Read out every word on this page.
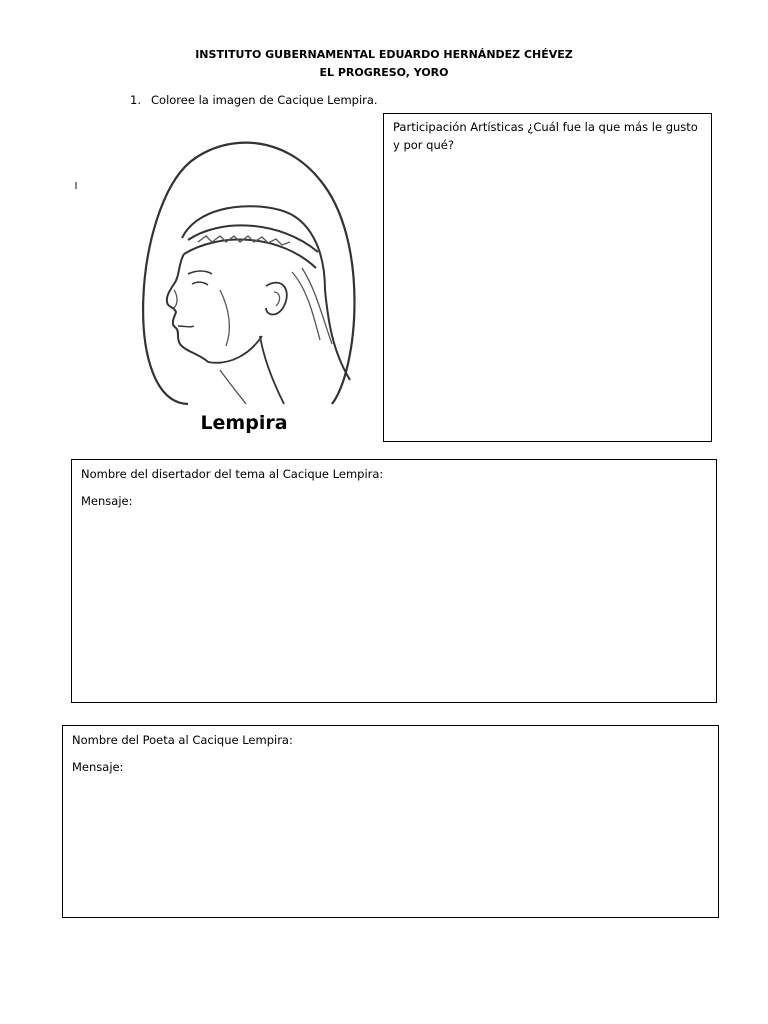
INSTITUTO GUBERNAMENTAL EDUARDO HERNÁNDEZ CHÉVEZ
EL PROGRESO, YORO
1. Coloree la imagen de Cacique Lempira.
Lempira

Participación Artísticas ¿Cuál fue la que más le gusto y por qué?

Nombre del disertador del tema al Cacique Lempira:

Mensaje:

Nombre del Poeta al Cacique Lempira:

Mensaje:
